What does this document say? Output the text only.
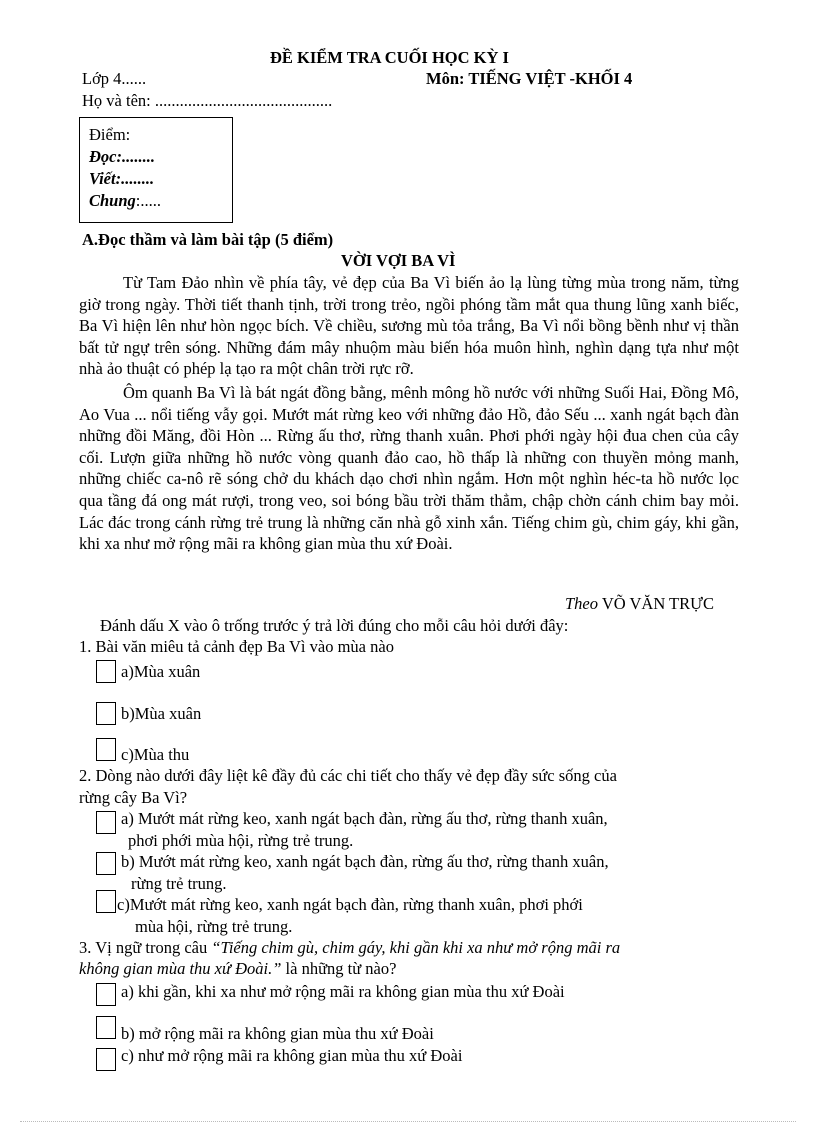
ĐỀ KIỂM TRA CUỐI HỌC KỲ I
Lớp 4......	Môn: TIẾNG VIỆT -KHỐI 4
Họ và tên: ...........................................
Điểm:
Đọc:........
Viết:........
Chung:.....
A.Đọc thầm và làm bài tập (5 điểm)
VỜI VỢI BA VÌ

Từ Tam Đảo nhìn về phía tây, vẻ đẹp của Ba Vì biến ảo lạ lùng từng mùa trong năm, từng giờ trong ngày. Thời tiết thanh tịnh, trời trong trẻo, ngồi phóng tầm mắt qua thung lũng xanh biếc, Ba Vì hiện lên như hòn ngọc bích. Về chiều, sương mù tỏa trắng, Ba Vì nổi bồng bềnh như vị thần bất tử ngự trên sóng. Những đám mây nhuộm màu biến hóa muôn hình, nghìn dạng tựa như một nhà ảo thuật có phép lạ tạo ra một chân trời rực rỡ.

Ôm quanh Ba Vì là bát ngát đồng bằng, mênh mông hồ nước với những Suối Hai, Đồng Mô, Ao Vua ... nổi tiếng vẫy gọi. Mướt mát rừng keo với những đảo Hồ, đảo Sếu ... xanh ngát bạch đàn những đồi Măng, đồi Hòn ... Rừng ấu thơ, rừng thanh xuân. Phơi phới ngày hội đua chen của cây cối. Lượn giữa những hồ nước vòng quanh đảo cao, hồ thấp là những con thuyền mỏng manh, những chiếc ca-nô rẽ sóng chở du khách dạo chơi nhìn ngắm. Hơn một nghìn héc-ta hồ nước lọc qua tầng đá ong mát rượi, trong veo, soi bóng bầu trời thăm thẳm, chập chờn cánh chim bay mỏi. Lác đác trong cánh rừng trẻ trung là những căn nhà gỗ xinh xắn. Tiếng chim gù, chim gáy, khi gần, khi xa như mở rộng mãi ra không gian mùa thu xứ Đoài.

Theo VÕ VĂN TRỰC
Đánh dấu X vào ô trống trước ý trả lời đúng cho mỗi câu hỏi dưới đây:
1. Bài văn miêu tả cảnh đẹp Ba Vì vào mùa nào
a)Mùa xuân
b)Mùa xuân
c)Mùa thu
2. Dòng nào dưới đây liệt kê đầy đủ các chi tiết cho thấy vẻ đẹp đầy sức sống của
rừng cây Ba Vì?
a) Mướt mát rừng keo, xanh ngát bạch đàn, rừng ấu thơ, rừng thanh xuân,
phơi phới mùa hội, rừng trẻ trung.
b) Mướt mát rừng keo, xanh ngát bạch đàn, rừng ấu thơ, rừng thanh xuân,
rừng trẻ trung.
c)Mướt mát rừng keo, xanh ngát bạch đàn, rừng thanh xuân, phơi phới
mùa hội, rừng trẻ trung.
3. Vị ngữ trong câu “Tiếng chim gù, chim gáy, khi gần khi xa như mở rộng mãi ra
không gian mùa thu xứ Đoài.” là những từ nào?
a) khi gần, khi xa như mở rộng mãi ra không gian mùa thu xứ Đoài
b) mở rộng mãi ra không gian mùa thu xứ Đoài
c) như mở rộng mãi ra không gian mùa thu xứ Đoài
